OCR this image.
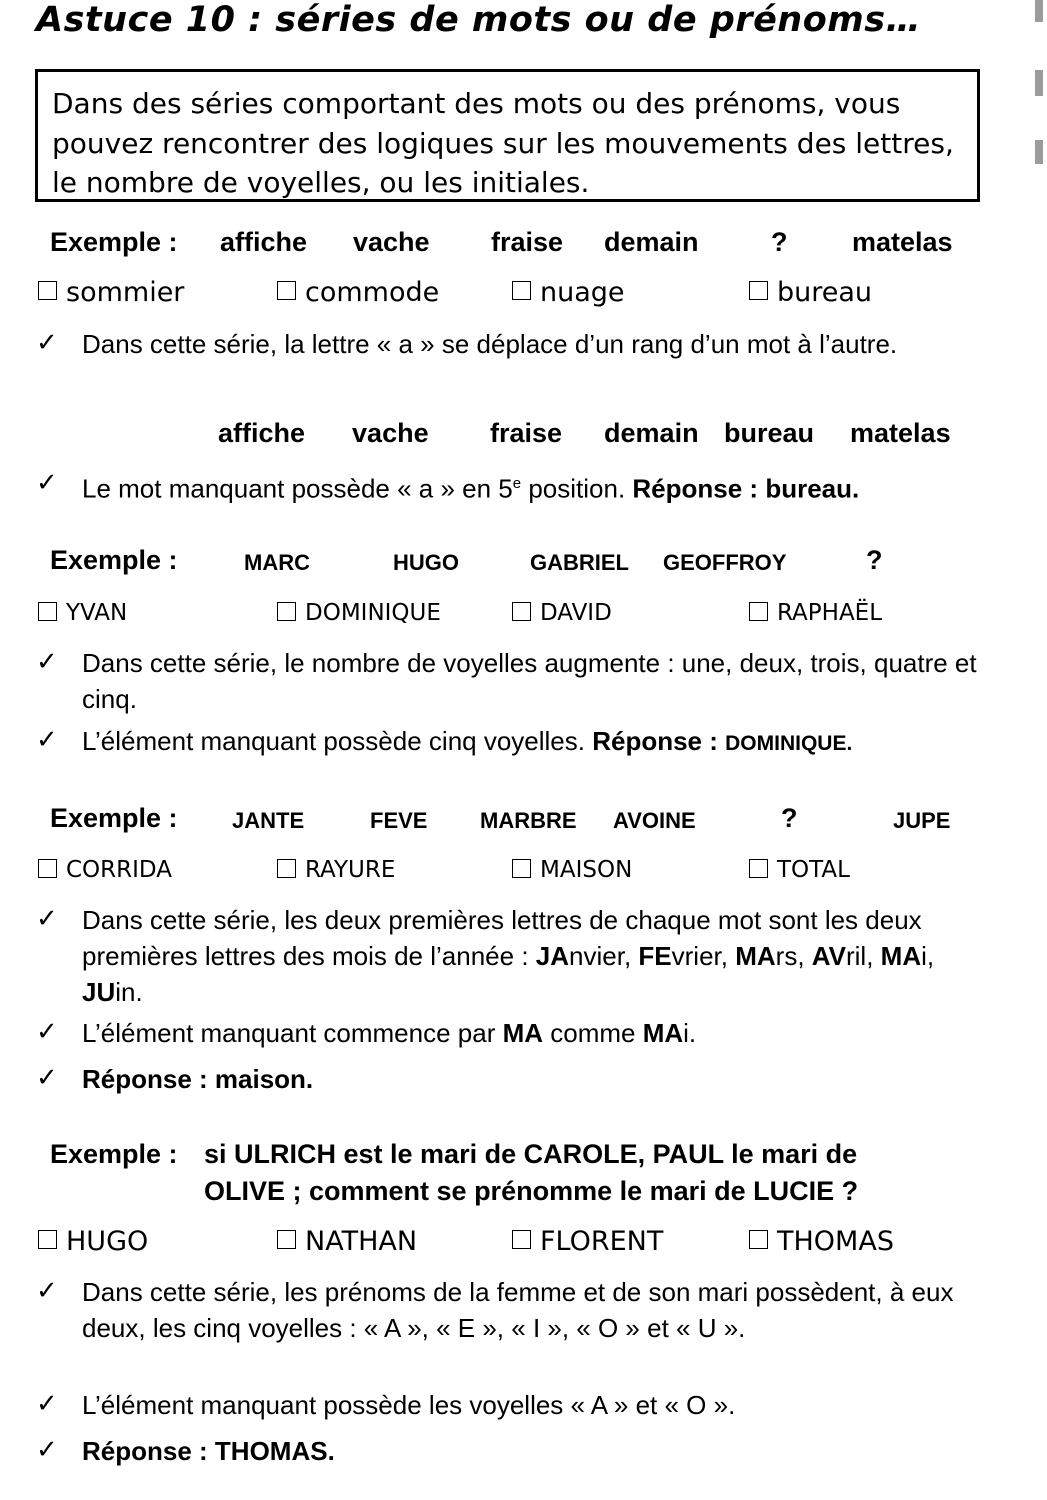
Astuce 10 : séries de mots ou de prénoms…
Dans des séries comportant des mots ou des prénoms, vous pouvez rencontrer des logiques sur les mouvements des lettres, le nombre de voyelles, ou les initiales.
Exemple : affiche vache fraise demain	? matelas
sommier	commode	nuage	bureau
✓ Dans cette série, la lettre « a » se déplace d’un rang d’un mot à l’autre.
affiche vache fraise demain bureau matelas
✓ Le mot manquant possède « a » en 5e position. Réponse : bureau.
Exemple :	MARC	HUGO	GABRIEL GEOFFROY	?
YVAN	DOMINIQUE	DAVID	RAPHAËL
✓ Dans cette série, le nombre de voyelles augmente : une, deux, trois, quatre et cinq.
✓ L’élément manquant possède cinq voyelles. Réponse : DOMINIQUE.
Exemple : JANTE	FEVE MARBRE AVOINE	?	JUPE
CORRIDA	RAYURE	MAISON	TOTAL
✓ Dans cette série, les deux premières lettres de chaque mot sont les deux premières lettres des mois de l’année : JAnvier, FEvrier, MArs, AVril, MAi, JUin.
✓ L’élément manquant commence par MA comme MAi.
✓ Réponse : maison.
Exemple : si ULRICH est le mari de CAROLE, PAUL le mari de
OLIVE ; comment se prénomme le mari de LUCIE ?
HUGO	NATHAN	FLORENT	THOMAS
✓ Dans cette série, les prénoms de la femme et de son mari possèdent, à eux deux, les cinq voyelles : « A », « E », « I », « O » et « U ».
✓ L’élément manquant possède les voyelles « A » et « O ».
✓ Réponse : THOMAS.
